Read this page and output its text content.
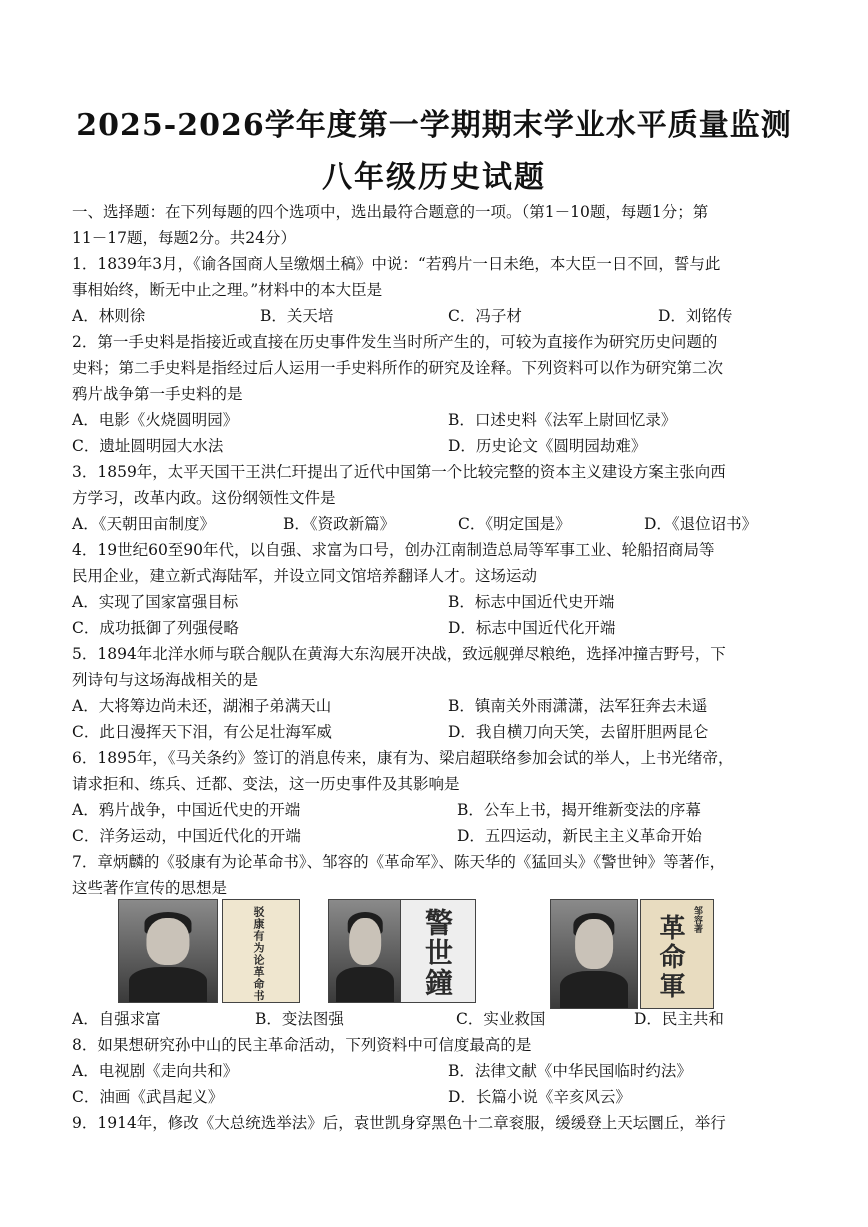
2025-2026学年度第一学期期末学业水平质量监测
八年级历史试题
一、选择题：在下列每题的四个选项中，选出最符合题意的一项。（第1－10题，每题1分；第
11－17题，每题2分。共24分）
1．1839年3月，《谕各国商人呈缴烟土稿》中说：“若鸦片一日未绝，本大臣一日不回，誓与此
事相始终，断无中止之理。”材料中的本大臣是
A．林则徐	B．关天培	C．冯子材	D．刘铭传
2．第一手史料是指接近或直接在历史事件发生当时所产生的，可较为直接作为研究历史问题的
史料；第二手史料是指经过后人运用一手史料所作的研究及诠释。下列资料可以作为研究第二次
鸦片战争第一手史料的是
A．电影《火烧圆明园》	B．口述史料《法军上尉回忆录》
C．遗址圆明园大水法	D．历史论文《圆明园劫难》
3．1859年，太平天国干王洪仁玕提出了近代中国第一个比较完整的资本主义建设方案主张向西
方学习，改革内政。这份纲领性文件是
A．《天朝田亩制度》	B．《资政新篇》	C．《明定国是》	D．《退位诏书》
4．19世纪60至90年代，以自强、求富为口号，创办江南制造总局等军事工业、轮船招商局等
民用企业，建立新式海陆军，并设立同文馆培养翻译人才。这场运动
A．实现了国家富强目标	B．标志中国近代史开端
C．成功抵御了列强侵略	D．标志中国近代化开端
5．1894年北洋水师与联合舰队在黄海大东沟展开决战，致远舰弹尽粮绝，选择冲撞吉野号，下
列诗句与这场海战相关的是
A．大将筹边尚未还，湖湘子弟满天山	B．镇南关外雨潇潇，法军狂奔去未遥
C．此日漫挥天下泪，有公足壮海军威	D．我自横刀向天笑，去留肝胆两昆仑
6．1895年，《马关条约》签订的消息传来，康有为、梁启超联络参加会试的举人，上书光绪帝，
请求拒和、练兵、迁都、变法，这一历史事件及其影响是
A．鸦片战争，中国近代史的开端	B．公车上书，揭开维新变法的序幕
C．洋务运动，中国近代化的开端	D．五四运动，新民主主义革命开始
7．章炳麟的《驳康有为论革命书》、邹容的《革命军》、陈天华的《猛回头》《警世钟》等著作，
这些著作宣传的思想是
驳康有为论革命书	警世鐘	邹容著
革命軍
A．自强求富	B．变法图强	C．实业救国	D．民主共和
8．如果想研究孙中山的民主革命活动，下列资料中可信度最高的是
A．电视剧《走向共和》	B．法律文献《中华民国临时约法》
C．油画《武昌起义》	D．长篇小说《辛亥风云》
9．1914年，修改《大总统选举法》后，袁世凯身穿黑色十二章衮服，缓缓登上天坛圜丘，举行
